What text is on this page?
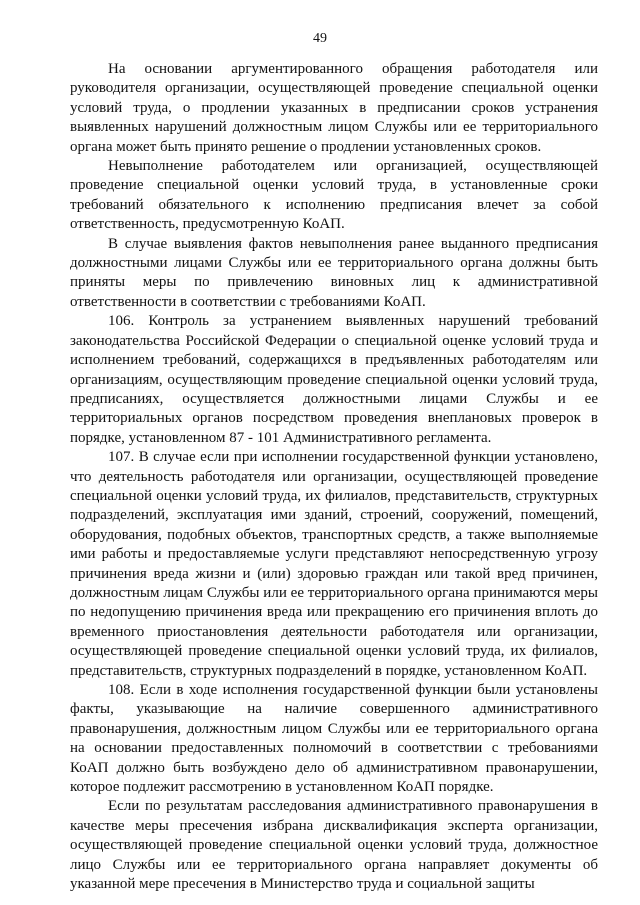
49

На основании аргументированного обращения работодателя или руководителя организации, осуществляющей проведение специальной оценки условий труда, о продлении указанных в предписании сроков устранения выявленных нарушений должностным лицом Службы или ее территориального органа может быть принято решение о продлении установленных сроков.

Невыполнение работодателем или организацией, осуществляющей проведение специальной оценки условий труда, в установленные сроки требований обязательного к исполнению предписания влечет за собой ответственность, предусмотренную КоАП.

В случае выявления фактов невыполнения ранее выданного предписания должностными лицами Службы или ее территориального органа должны быть приняты меры по привлечению виновных лиц к административной ответственности в соответствии с требованиями КоАП.

106. Контроль за устранением выявленных нарушений требований законодательства Российской Федерации о специальной оценке условий труда и исполнением требований, содержащихся в предъявленных работодателям или организациям, осуществляющим проведение специальной оценки условий труда, предписаниях, осуществляется должностными лицами Службы и ее территориальных органов посредством проведения внеплановых проверок в порядке, установленном 87 - 101 Административного регламента.

107. В случае если при исполнении государственной функции установлено, что деятельность работодателя или организации, осуществляющей проведение специальной оценки условий труда, их филиалов, представительств, структурных подразделений, эксплуатация ими зданий, строений, сооружений, помещений, оборудования, подобных объектов, транспортных средств, а также выполняемые ими работы и предоставляемые услуги представляют непосредственную угрозу причинения вреда жизни и (или) здоровью граждан или такой вред причинен, должностным лицам Службы или ее территориального органа принимаются меры по недопущению причинения вреда или прекращению его причинения вплоть до временного приостановления деятельности работодателя или организации, осуществляющей проведение специальной оценки условий труда, их филиалов, представительств, структурных подразделений в порядке, установленном КоАП.

108. Если в ходе исполнения государственной функции были установлены факты, указывающие на наличие совершенного административного правонарушения, должностным лицом Службы или ее территориального органа на основании предоставленных полномочий в соответствии с требованиями КоАП должно быть возбуждено дело об административном правонарушении, которое подлежит рассмотрению в установленном КоАП порядке.

Если по результатам расследования административного правонарушения в качестве меры пресечения избрана дисквалификация эксперта организации, осуществляющей проведение специальной оценки условий труда, должностное лицо Службы или ее территориального органа направляет документы об указанной мере пресечения в Министерство труда и социальной защиты
